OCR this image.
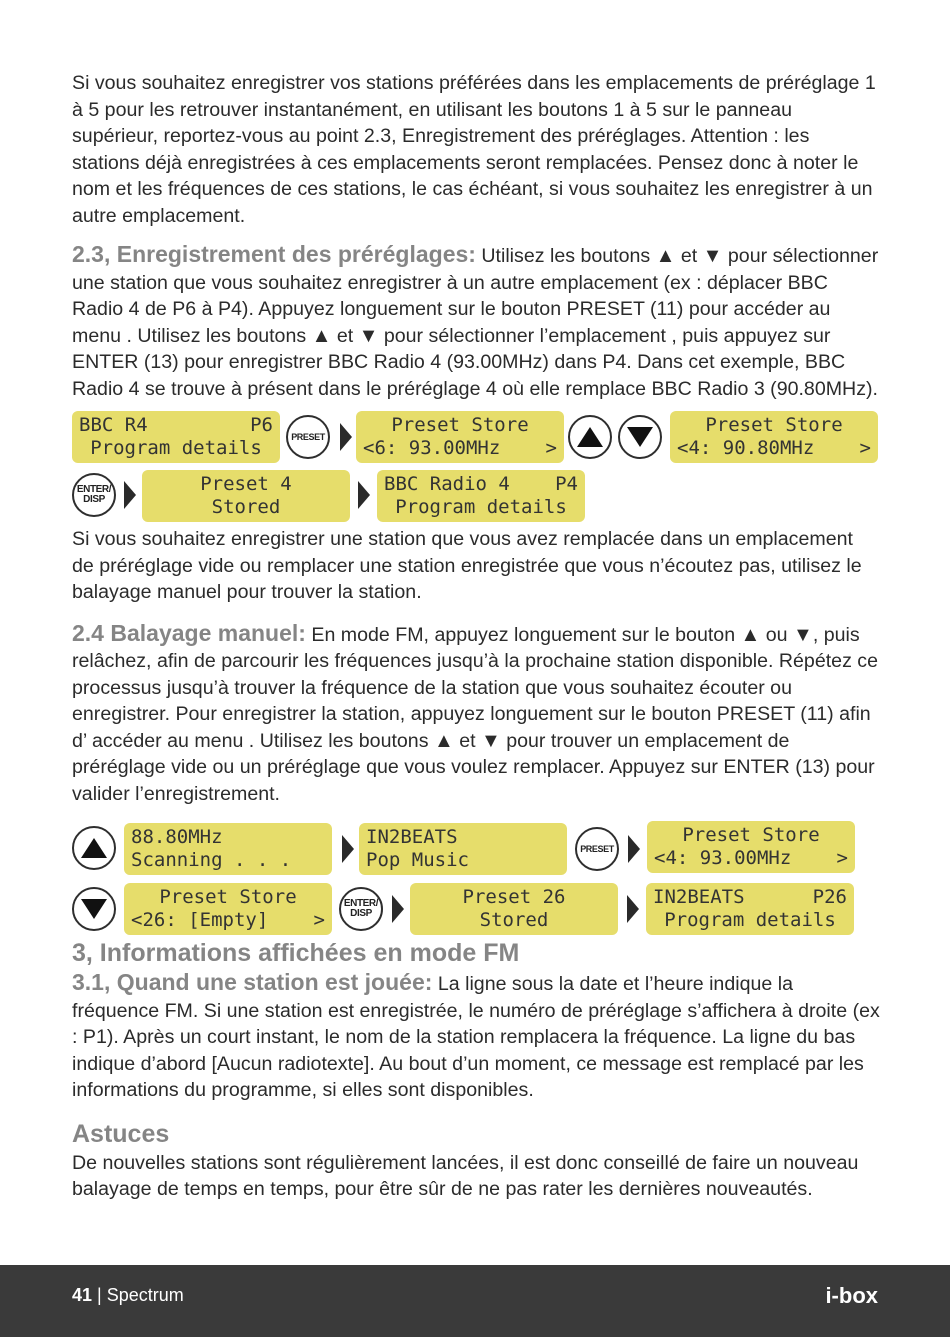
Si vous souhaitez enregistrer vos stations préférées dans les emplacements de préréglage 1 à 5 pour les retrouver instantanément, en utilisant les boutons 1 à 5 sur le panneau supérieur, reportez-vous au point 2.3, Enregistrement des préréglages. Attention : les stations déjà enregistrées à ces emplacements seront remplacées. Pensez donc à noter le nom et les fréquences de ces stations, le cas échéant, si vous souhaitez les enregistrer à un autre emplacement.

2.3, Enregistrement des préréglages: Utilisez les boutons ▲ et ▼ pour sélectionner une station que vous souhaitez enregistrer à un autre emplacement (ex : déplacer BBC Radio 4 de P6 à P4). Appuyez longuement sur le bouton PRESET (11) pour accéder au menu . Utilisez les boutons ▲ et ▼ pour sélectionner l’emplacement , puis appuyez sur ENTER (13) pour enregistrer BBC Radio 4 (93.00MHz) dans P4. Dans cet exemple, BBC Radio 4 se trouve à présent dans le préréglage 4 où elle remplace BBC Radio 3 (90.80MHz).

BBC R4	P6
Program details	PRESET
Preset Store
<6: 93.00MHz >
Preset Store
<4: 90.80MHz >
ENTER/
DISP
Preset 4
Stored
BBC Radio 4 P4
Program details

Si vous souhaitez enregistrer une station que vous avez remplacée dans un emplacement de préréglage vide ou remplacer une station enregistrée que vous n’écoutez pas, utilisez le balayage manuel pour trouver la station.

2.4 Balayage manuel: En mode FM, appuyez longuement sur le bouton ▲ ou ▼, puis relâchez, afin de parcourir les fréquences jusqu’à la prochaine station disponible. Répétez ce processus jusqu’à trouver la fréquence de la station que vous souhaitez écouter ou enregistrer. Pour enregistrer la station, appuyez longuement sur le bouton PRESET (11) afin d’ accéder au menu . Utilisez les boutons ▲ et ▼ pour trouver un emplacement de préréglage vide ou un préréglage que vous voulez remplacer. Appuyez sur ENTER (13) pour valider l’enregistrement.

88.80MHz
Scanning . . .
IN2BEATS
Pop Music	PRESET
Preset Store
<4: 93.00MHz >
Preset Store
<26: [Empty] >
ENTER/
DISP
Preset 26
Stored
IN2BEATS	P26
Program details

3, Informations affichées en mode FM

3.1, Quand une station est jouée: La ligne sous la date et l’heure indique la fréquence FM. Si une station est enregistrée, le numéro de préréglage s’affichera à droite (ex : P1). Après un court instant, le nom de la station remplacera la fréquence. La ligne du bas indique d’abord [Aucun radiotexte]. Au bout d’un moment, ce message est remplacé par les informations du programme, si elles sont disponibles.

Astuces

De nouvelles stations sont régulièrement lancées, il est donc conseillé de faire un nouveau balayage de temps en temps, pour être sûr de ne pas rater les dernières nouveautés.

41 | Spectrum	i-box
